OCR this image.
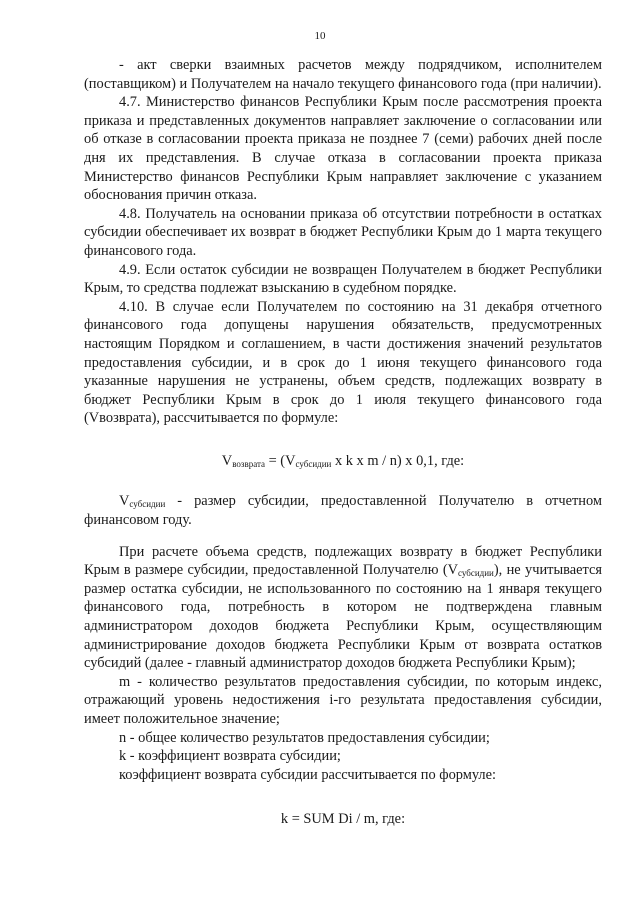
10

- акт сверки взаимных расчетов между подрядчиком, исполнителем (поставщиком) и Получателем на начало текущего финансового года (при наличии).

4.7. Министерство финансов Республики Крым после рассмотрения проекта приказа и представленных документов направляет заключение о согласовании или об отказе в согласовании проекта приказа не позднее 7 (семи) рабочих дней после дня их представления. В случае отказа в согласовании проекта приказа Министерство финансов Республики Крым направляет заключение с указанием обоснования причин отказа.

4.8. Получатель на основании приказа об отсутствии потребности в остатках субсидии обеспечивает их возврат в бюджет Республики Крым до 1 марта текущего финансового года.

4.9. Если остаток субсидии не возвращен Получателем в бюджет Республики Крым, то средства подлежат взысканию в судебном порядке.

4.10. В случае если Получателем по состоянию на 31 декабря отчетного финансового года допущены нарушения обязательств, предусмотренных настоящим Порядком и соглашением, в части достижения значений результатов предоставления субсидии, и в срок до 1 июня текущего финансового года указанные нарушения не устранены, объем средств, подлежащих возврату в бюджет Республики Крым в срок до 1 июля текущего финансового года (Vвозврата), рассчитывается по формуле:

$V_{возврата} = (V_{субсидии}$ x k x m / n) x 0,1, где:

$V_{субсидии}$ - размер субсидии, предоставленной Получателю в отчетном финансовом году.

При расчете объема средств, подлежащих возврату в бюджет Республики Крым в размере субсидии, предоставленной Получателю $(V_{субсидии})$, не учитывается размер остатка субсидии, не использованного по состоянию на 1 января текущего финансового года, потребность в котором не подтверждена главным администратором доходов бюджета Республики Крым, осуществляющим администрирование доходов бюджета Республики Крым от возврата остатков субсидий (далее - главный администратор доходов бюджета Республики Крым);

m - количество результатов предоставления субсидии, по которым индекс, отражающий уровень недостижения i-го результата предоставления субсидии, имеет положительное значение;

n - общее количество результатов предоставления субсидии;

k - коэффициент возврата субсидии;

коэффициент возврата субсидии рассчитывается по формуле:

k = SUM Di / m, где:
